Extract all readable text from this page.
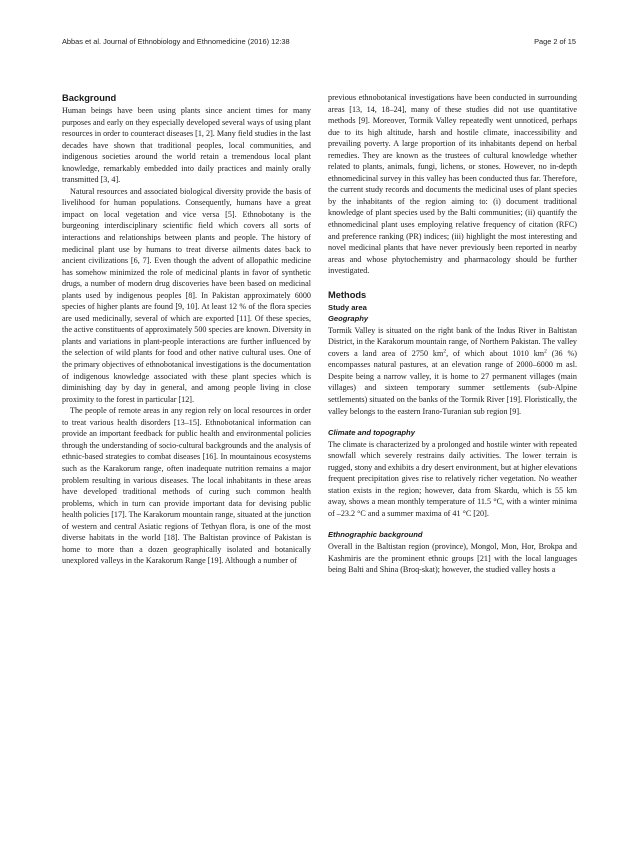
Abbas et al. Journal of Ethnobiology and Ethnomedicine (2016) 12:38	Page 2 of 15
Background

Human beings have been using plants since ancient times for many purposes and early on they especially developed several ways of using plant resources in order to counteract diseases [1, 2]. Many field studies in the last decades have shown that traditional peoples, local communities, and indigenous societies around the world retain a tremendous local plant knowledge, remarkably embedded into daily practices and mainly orally transmitted [3, 4].

Natural resources and associated biological diversity provide the basis of livelihood for human populations. Consequently, humans have a great impact on local vegetation and vice versa [5]. Ethnobotany is the burgeoning interdisciplinary scientific field which covers all sorts of interactions and relationships between plants and people. The history of medicinal plant use by humans to treat diverse ailments dates back to ancient civilizations [6, 7]. Even though the advent of allopathic medicine has somehow minimized the role of medicinal plants in favor of synthetic drugs, a number of modern drug discoveries have been based on medicinal plants used by indigenous peoples [8]. In Pakistan approximately 6000 species of higher plants are found [9, 10]. At least 12 % of the flora species are used medicinally, several of which are exported [11]. Of these species, the active constituents of approximately 500 species are known. Diversity in plants and variations in plant-people interactions are further influenced by the selection of wild plants for food and other native cultural uses. One of the primary objectives of ethnobotanical investigations is the documentation of indigenous knowledge associated with these plant species which is diminishing day by day in general, and among people living in close proximity to the forest in particular [12].

The people of remote areas in any region rely on local resources in order to treat various health disorders [13–15]. Ethnobotanical information can provide an important feedback for public health and environmental policies through the understanding of socio-cultural backgrounds and the analysis of ethnic-based strategies to combat diseases [16]. In mountainous ecosystems such as the Karakorum range, often inadequate nutrition remains a major problem resulting in various diseases. The local inhabitants in these areas have developed traditional methods of curing such common health problems, which in turn can provide important data for devising public health policies [17]. The Karakorum mountain range, situated at the junction of western and central Asiatic regions of Tethyan flora, is one of the most diverse habitats in the world [18]. The Baltistan province of Pakistan is home to more than a dozen geographically isolated and botanically unexplored valleys in the Karakorum Range [19]. Although a number of

previous ethnobotanical investigations have been conducted in surrounding areas [13, 14, 18–24], many of these studies did not use quantitative methods [9]. Moreover, Tormik Valley repeatedly went unnoticed, perhaps due to its high altitude, harsh and hostile climate, inaccessibility and prevailing poverty. A large proportion of its inhabitants depend on herbal remedies. They are known as the trustees of cultural knowledge whether related to plants, animals, fungi, lichens, or stones. However, no in-depth ethnomedicinal survey in this valley has been conducted thus far. Therefore, the current study records and documents the medicinal uses of plant species by the inhabitants of the region aiming to: (i) document traditional knowledge of plant species used by the Balti communities; (ii) quantify the ethnomedicinal plant uses employing relative frequency of citation (RFC) and preference ranking (PR) indices; (iii) highlight the most interesting and novel medicinal plants that have never previously been reported in nearby areas and whose phytochemistry and pharmacology should be further investigated.

Methods
Study area
Geography

Tormik Valley is situated on the right bank of the Indus River in Baltistan District, in the Karakorum mountain range, of Northern Pakistan. The valley covers a land area of 2750 $km^2$, of which about 1010 $km^2$ (36 %) encompasses natural pastures, at an elevation range of 2000–6000 m asl. Despite being a narrow valley, it is home to 27 permanent villages (main villages) and sixteen temporary summer settlements (sub-Alpine settlements) situated on the banks of the Tormik River [19]. Floristically, the valley belongs to the eastern Irano-Turanian sub region [9].

Climate and topography

The climate is characterized by a prolonged and hostile winter with repeated snowfall which severely restrains daily activities. The lower terrain is rugged, stony and exhibits a dry desert environment, but at higher elevations frequent precipitation gives rise to relatively richer vegetation. No weather station exists in the region; however, data from Skardu, which is 55 km away, shows a mean monthly temperature of 11.5 °C, with a winter minima of –23.2 °C and a summer maxima of 41 °C [20].

Ethnographic background

Overall in the Baltistan region (province), Mongol, Mon, Hor, Brokpa and Kashmiris are the prominent ethnic groups [21] with the local languages being Balti and Shina (Broq-skat); however, the studied valley hosts a
